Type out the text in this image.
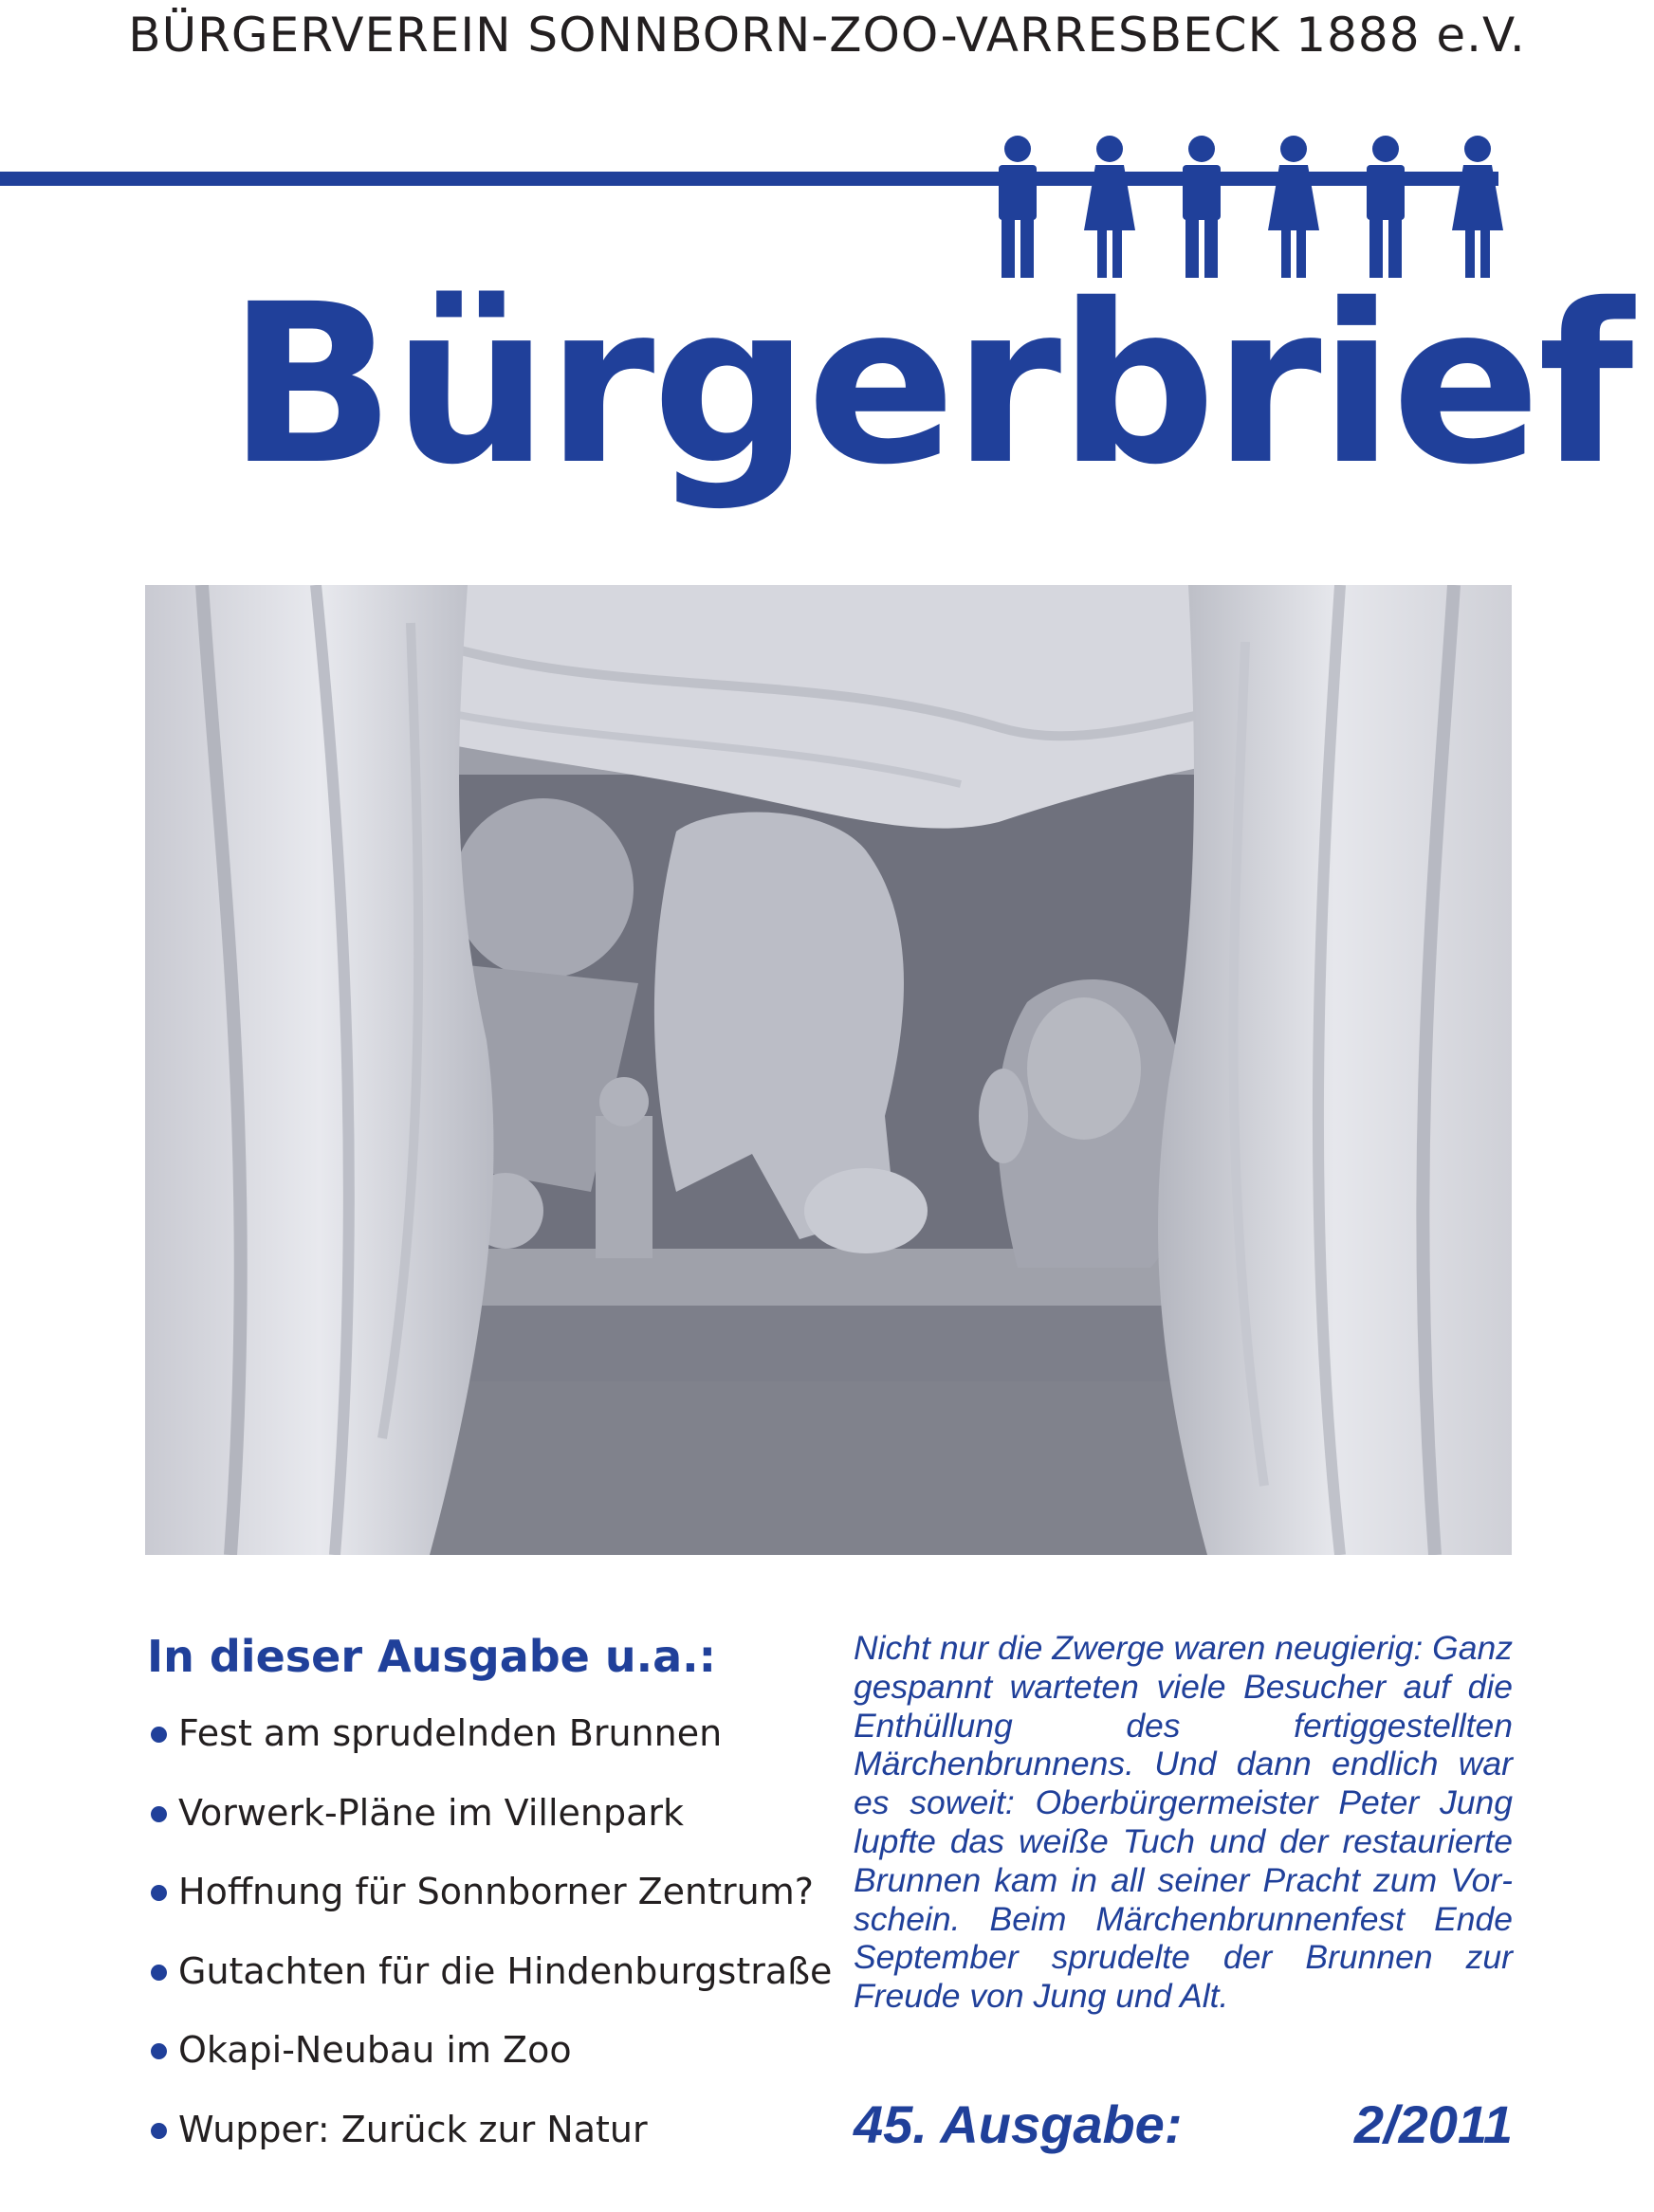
BÜRGERVEREIN SONNBORN-ZOO-VARRESBECK 1888 e.V.
Bürgerbrief
In dieser Ausgabe u.a.:
Fest am sprudelnden Brunnen
Vorwerk-Pläne im Villenpark
Hoffnung für Sonnborner Zentrum?
Gutachten für die Hindenburgstraße
Okapi-Neubau im Zoo
Wupper: Zurück zur Natur
Nicht nur die Zwerge waren neugierig: Ganz gespannt warteten viele Besucher auf die Enthüllung des fertiggestellten Märchenbrunnens. Und dann endlich war es soweit: Oberbürgermeister Peter Jung lupfte das weiße Tuch und der restaurierte Brunnen kam in all seiner Pracht zum Vorschein. Beim Märchenbrunnenfest Ende September sprudelte der Brunnen zur Freude von Jung und Alt.
45. Ausgabe:	2/2011
